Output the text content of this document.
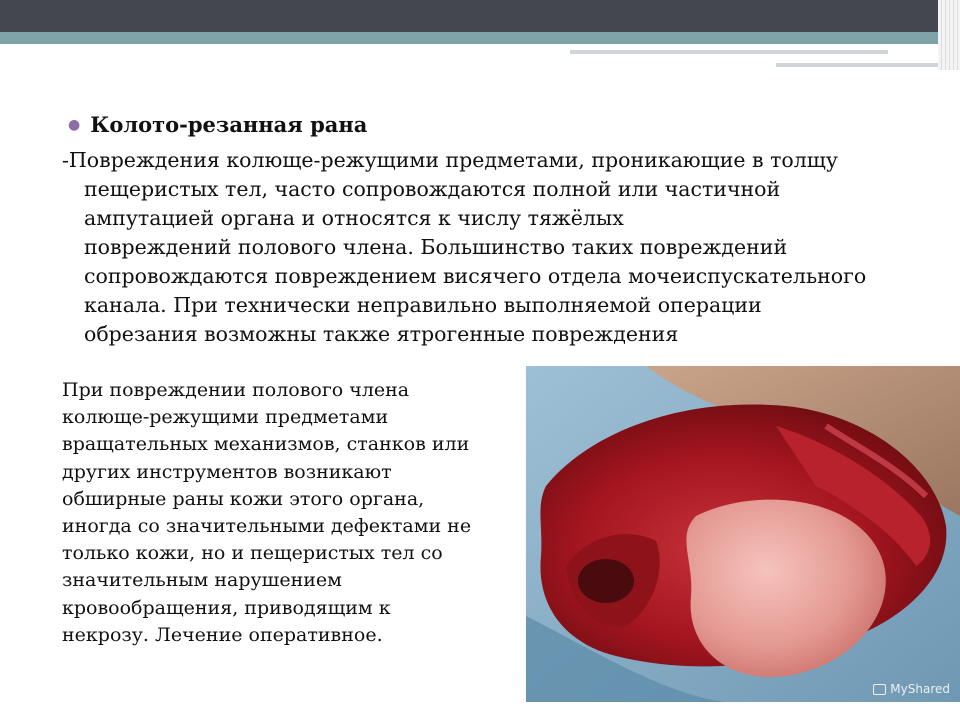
● Колото-резанная рана
-Повреждения колюще-режущими предметами, проникающие в толщу
пещеристых тел, часто сопровождаются полной или частичной
ампутацией органа и относятся к числу тяжёлых
повреждений полового члена. Большинство таких повреждений
сопровождаются повреждением висячего отдела мочеиспускательного
канала. При технически неправильно выполняемой операции
обрезания возможны также ятрогенные повреждения
При повреждении полового члена
колюще-режущими предметами
вращательных механизмов, станков или
других инструментов возникают
обширные раны кожи этого органа,
иногда со значительными дефектами не
только кожи, но и пещеристых тел со
значительным нарушением
кровообращения, приводящим к
некрозу. Лечение оперативное.
MyShared
